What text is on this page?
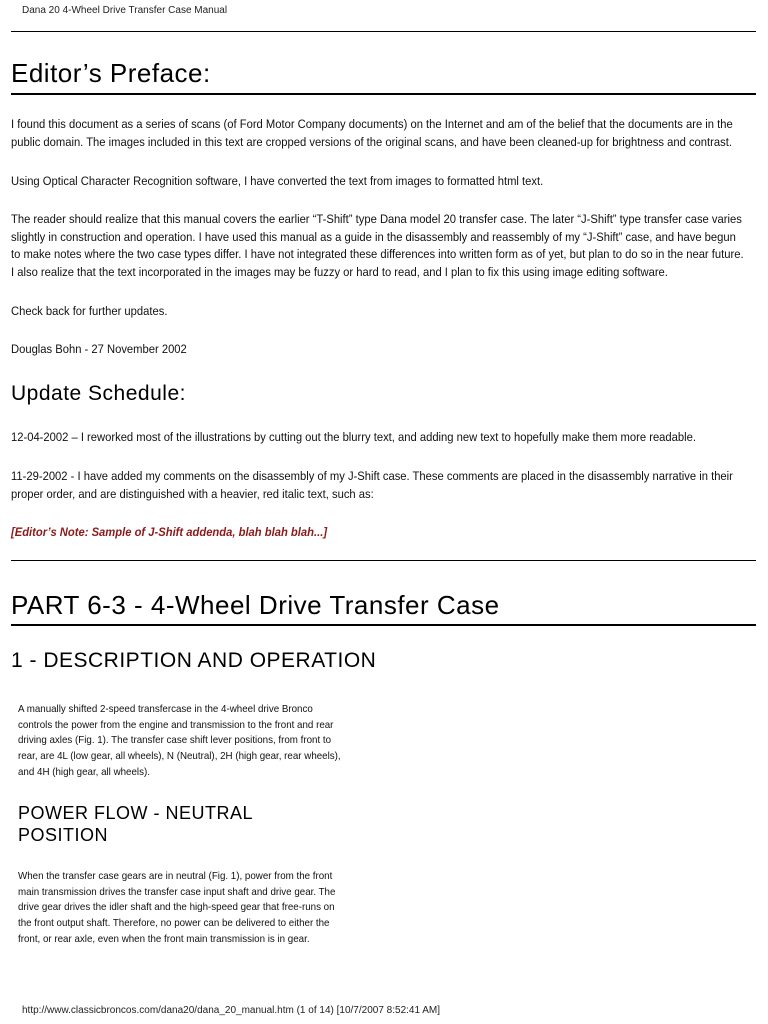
Dana 20 4-Wheel Drive Transfer Case Manual
Editor’s Preface:

I found this document as a series of scans (of Ford Motor Company documents) on the Internet and am of the belief that the documents are in the public domain. The images included in this text are cropped versions of the original scans, and have been cleaned-up for brightness and contrast.

Using Optical Character Recognition software, I have converted the text from images to formatted html text.

The reader should realize that this manual covers the earlier “T-Shift” type Dana model 20 transfer case. The later “J-Shift” type transfer case varies slightly in construction and operation. I have used this manual as a guide in the disassembly and reassembly of my “J-Shift” case, and have begun to make notes where the two case types differ. I have not integrated these differences into written form as of yet, but plan to do so in the near future. I also realize that the text incorporated in the images may be fuzzy or hard to read, and I plan to fix this using image editing software.

Check back for further updates.

Douglas Bohn - 27 November 2002

Update Schedule:

12-04-2002 – I reworked most of the illustrations by cutting out the blurry text, and adding new text to hopefully make them more readable.

11-29-2002 - I have added my comments on the disassembly of my J-Shift case. These comments are placed in the disassembly narrative in their proper order, and are distinguished with a heavier, red italic text, such as:

[Editor’s Note: Sample of J-Shift addenda, blah blah blah...]

PART 6-3 - 4-Wheel Drive Transfer Case
1 - DESCRIPTION AND OPERATION

A manually shifted 2-speed transfercase in the 4-wheel drive Bronco controls the power from the engine and transmission to the front and rear driving axles (Fig. 1). The transfer case shift lever positions, from front to rear, are 4L (low gear, all wheels), N (Neutral), 2H (high gear, rear wheels), and 4H (high gear, all wheels).

POWER FLOW - NEUTRAL POSITION

When the transfer case gears are in neutral (Fig. 1), power from the front main transmission drives the transfer case input shaft and drive gear. The drive gear drives the idler shaft and the high-speed gear that free-runs on the front output shaft. Therefore, no power can be delivered to either the front, or rear axle, even when the front main transmission is in gear.

http://www.classicbroncos.com/dana20/dana_20_manual.htm (1 of 14) [10/7/2007 8:52:41 AM]
